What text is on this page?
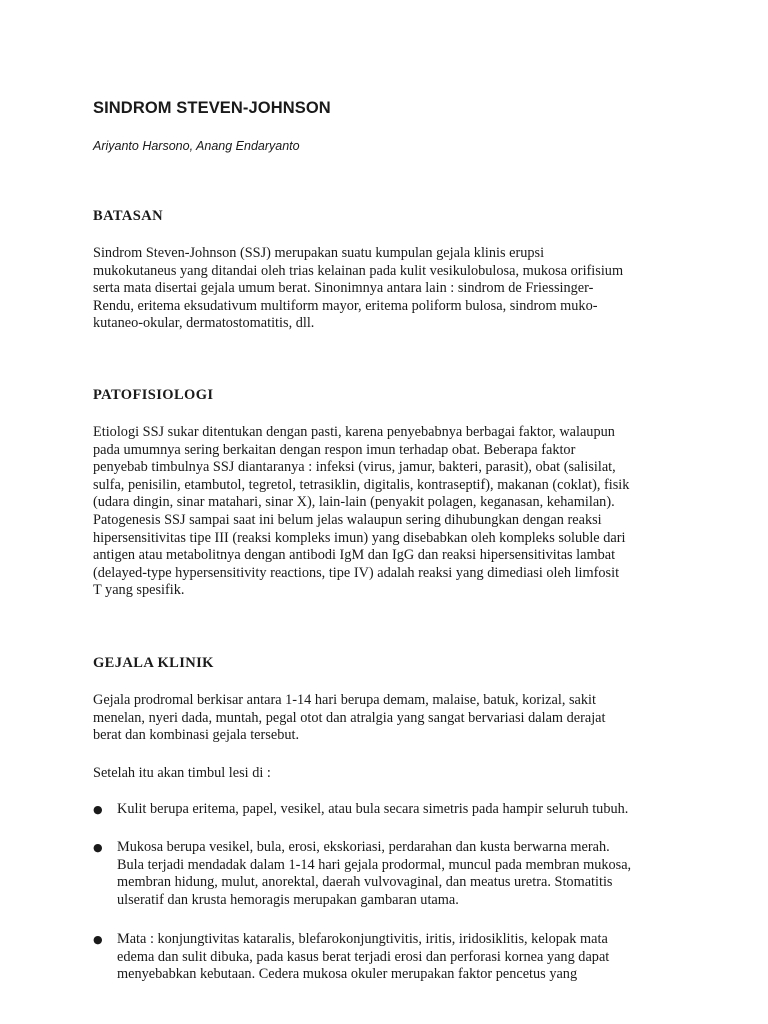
SINDROM STEVEN-JOHNSON
Ariyanto Harsono, Anang Endaryanto
BATASAN
Sindrom Steven-Johnson (SSJ) merupakan suatu kumpulan gejala klinis erupsi
mukokutaneus yang ditandai oleh trias kelainan pada kulit vesikulobulosa, mukosa orifisium
serta mata disertai gejala umum berat. Sinonimnya antara lain : sindrom de Friessinger-
Rendu, eritema eksudativum multiform mayor, eritema poliform bulosa, sindrom muko-
kutaneo-okular, dermatostomatitis, dll.
PATOFISIOLOGI
Etiologi SSJ sukar ditentukan dengan pasti, karena penyebabnya berbagai faktor, walaupun
pada umumnya sering berkaitan dengan respon imun terhadap obat. Beberapa faktor
penyebab timbulnya SSJ diantaranya : infeksi (virus, jamur, bakteri, parasit), obat (salisilat,
sulfa, penisilin, etambutol, tegretol, tetrasiklin, digitalis, kontraseptif), makanan (coklat), fisik
(udara dingin, sinar matahari, sinar X), lain-lain (penyakit polagen, keganasan, kehamilan).
Patogenesis SSJ sampai saat ini belum jelas walaupun sering dihubungkan dengan reaksi
hipersensitivitas tipe III (reaksi kompleks imun) yang disebabkan oleh kompleks soluble dari
antigen atau metabolitnya dengan antibodi IgM dan IgG dan reaksi hipersensitivitas lambat
(delayed-type hypersensitivity reactions, tipe IV) adalah reaksi yang dimediasi oleh limfosit
T yang spesifik.
GEJALA KLINIK
Gejala prodromal berkisar antara 1-14 hari berupa demam, malaise, batuk, korizal, sakit
menelan, nyeri dada, muntah, pegal otot dan atralgia yang sangat bervariasi dalam derajat
berat dan kombinasi gejala tersebut.
Setelah itu akan timbul lesi di :
● Kulit berupa eritema, papel, vesikel, atau bula secara simetris pada hampir seluruh tubuh.
● Mukosa berupa vesikel, bula, erosi, ekskoriasi, perdarahan dan kusta berwarna merah.
Bula terjadi mendadak dalam 1-14 hari gejala prodormal, muncul pada membran mukosa,
membran hidung, mulut, anorektal, daerah vulvovaginal, dan meatus uretra. Stomatitis
ulseratif dan krusta hemoragis merupakan gambaran utama.
● Mata : konjungtivitas kataralis, blefarokonjungtivitis, iritis, iridosiklitis, kelopak mata
edema dan sulit dibuka, pada kasus berat terjadi erosi dan perforasi kornea yang dapat
menyebabkan kebutaan. Cedera mukosa okuler merupakan faktor pencetus yang
